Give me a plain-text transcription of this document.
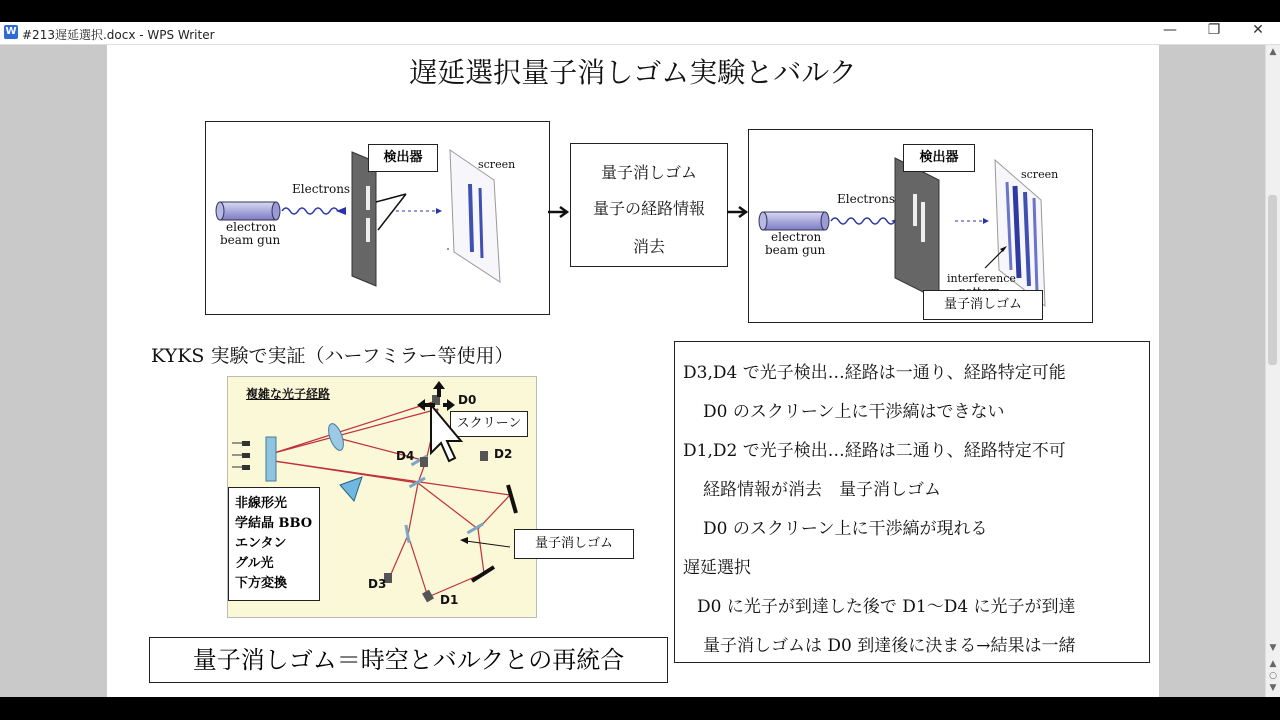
W #213遅延選択.docx - WPS Writer	—	❐	✕
遅延選択量子消しゴム実験とバルク
検出器	screen
Electrons
electron
beam gun
量子消しゴム
量子の経路情報
消去
検出器
screen
Electrons
electron
beam gun
interference
量子消しゴム
KYKS 実験で実証（ハーフミラー等使用）
複雑な光子経路	D0
D4	D2
D3
D1
スクリーン
量子消しゴム
非線形光
学結晶 BBO
エンタン
グル光
下方変換

D3,D4 で光子検出…経路は一通り、経路特定可能

D0 のスクリーン上に干渉縞はできない

D1,D2 で光子検出…経路は二通り、経路特定不可

経路情報が消去　量子消しゴム

D0 のスクリーン上に干渉縞が現れる

遅延選択

D0 に光子が到達した後で D1～D4 に光子が到達

量子消しゴムは D0 到達後に決まる→結果は一緒

量子消しゴム＝時空とバルクとの再統合
▲
▼
▲
○
▼
